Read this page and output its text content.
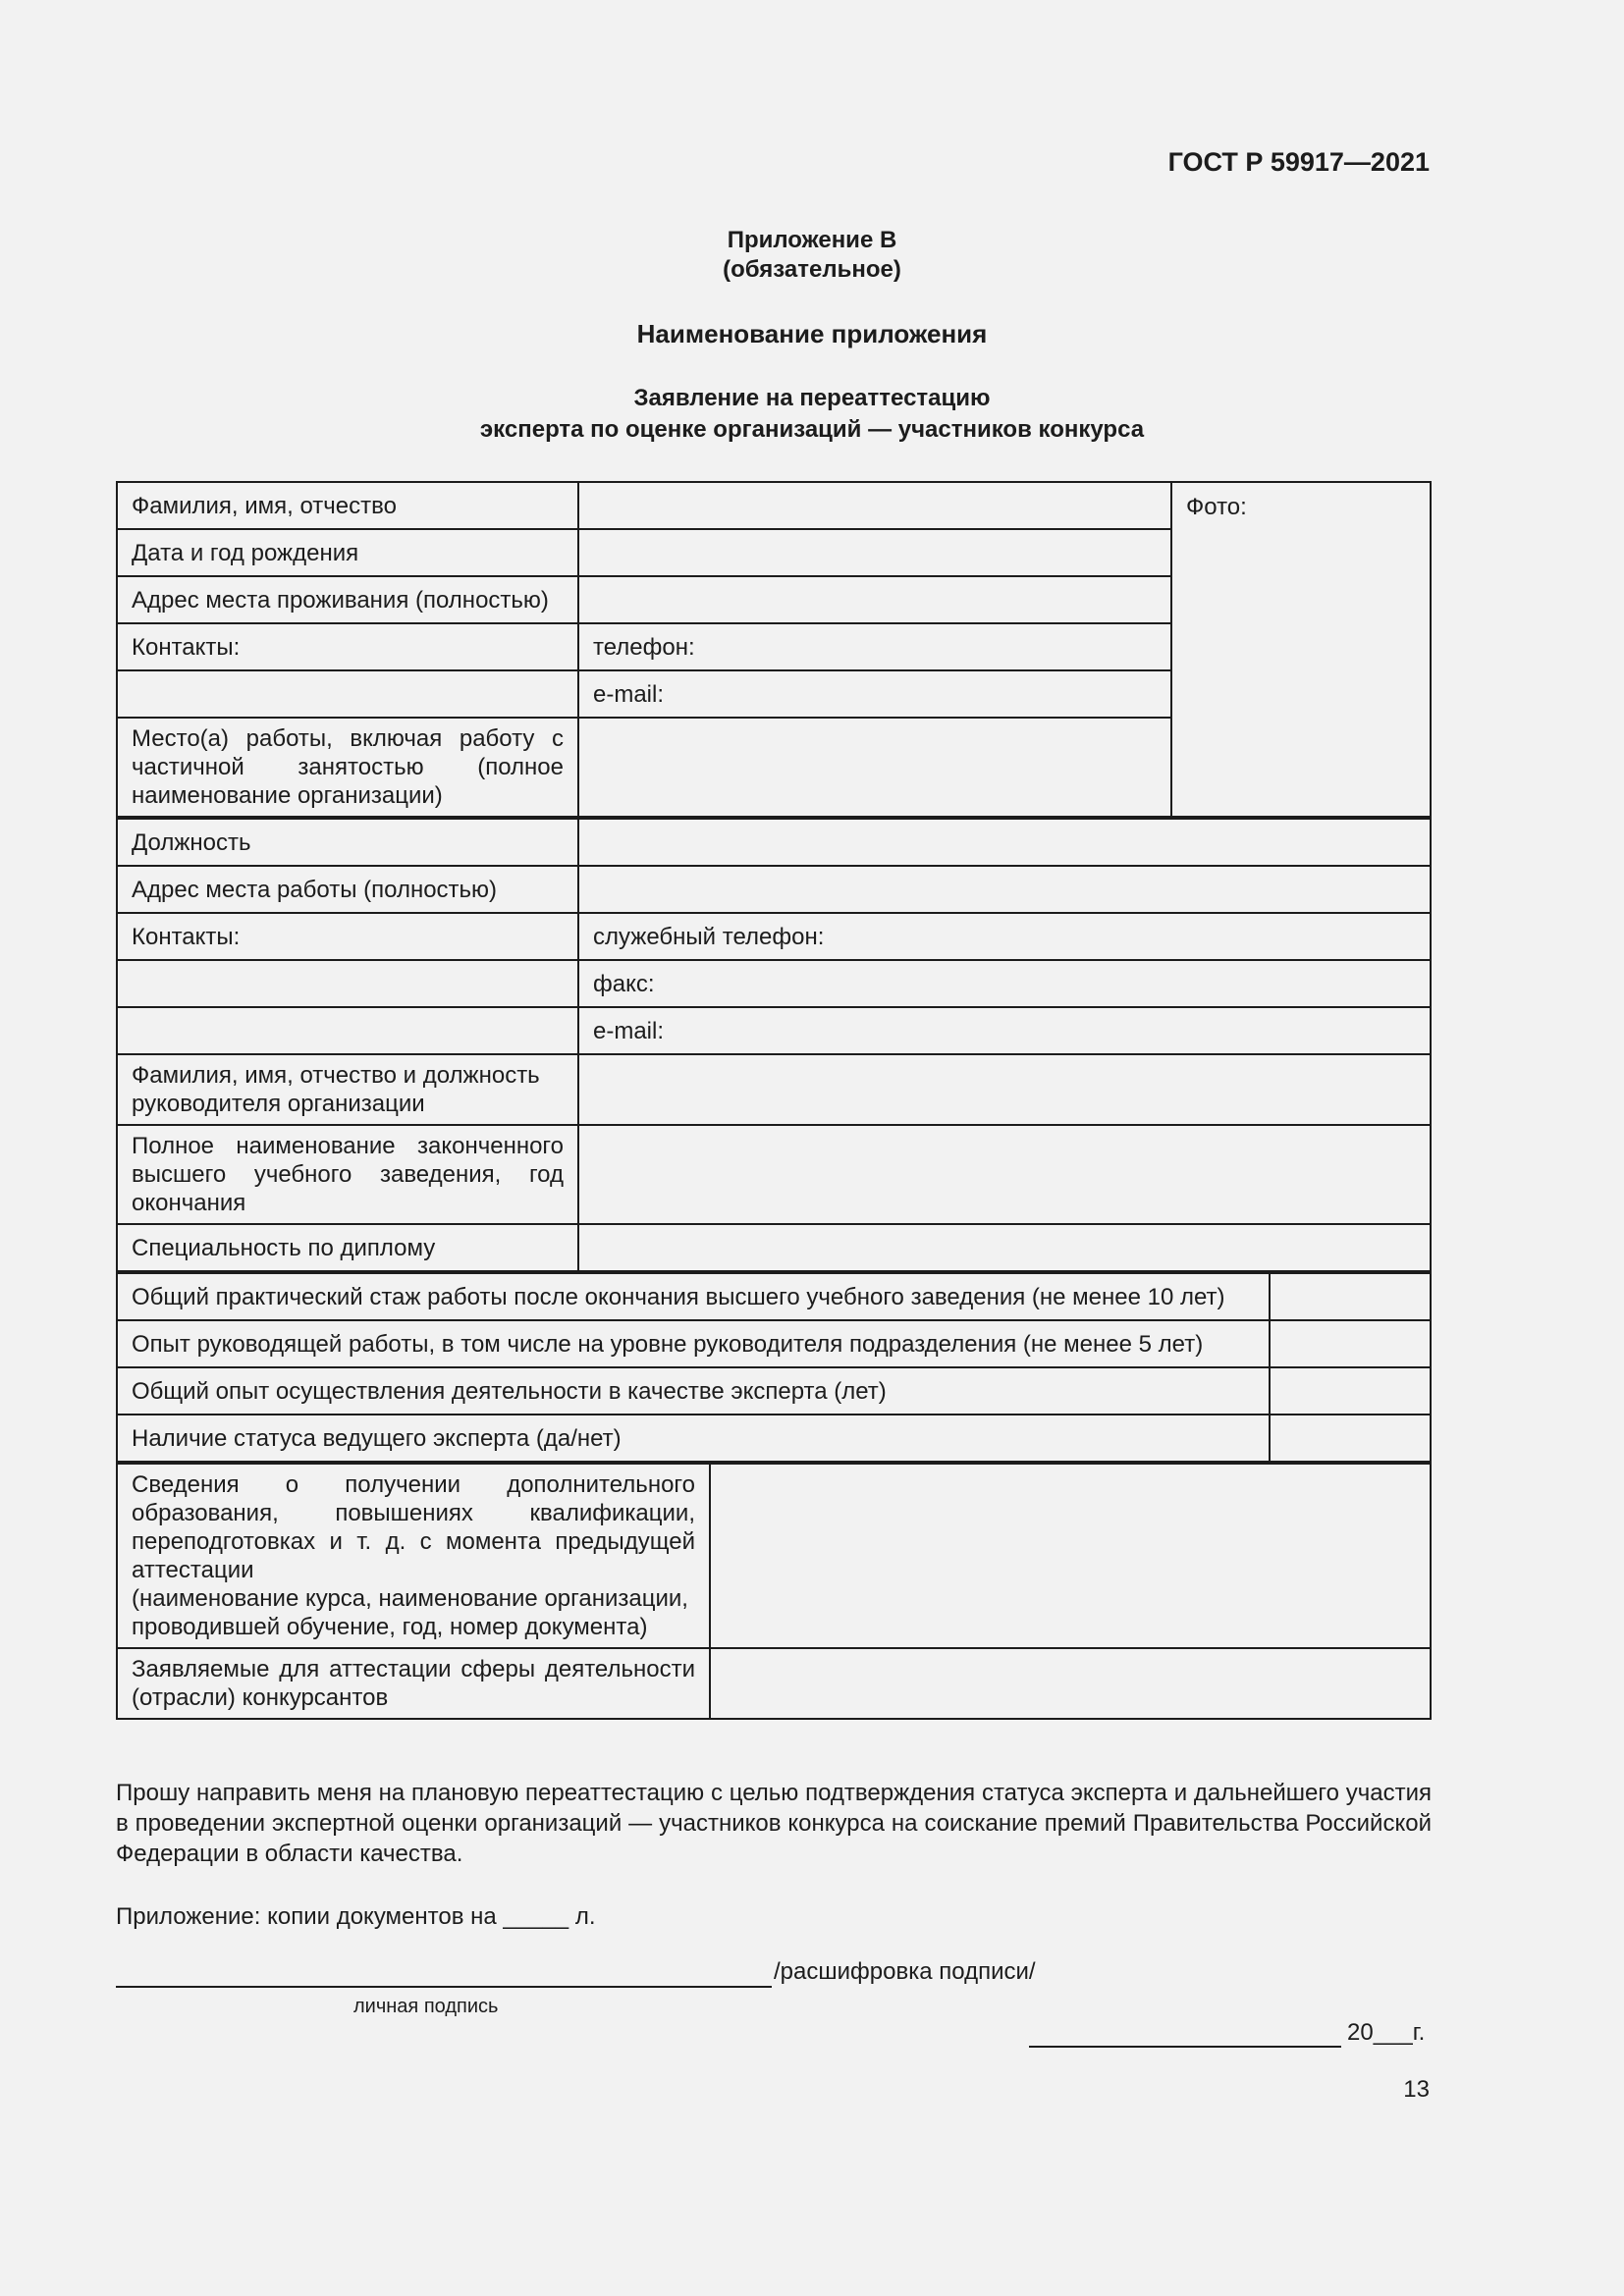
ГОСТ Р 59917—2021
Приложение В
(обязательное)
Наименование приложения
Заявление на переаттестацию
эксперта по оценке организаций — участников конкурса
Фамилия, имя, отчество		Фото:
Дата и год рождения		
Адрес места проживания (полностью)		
Контакты:	телефон:	
	e-mail:	
Место(а) работы, включая работу с частичной занятостью (полное наименование организации)		
Должность	
Адрес места работы (полностью)	
Контакты:	служебный телефон:
	факс:
	e-mail:
Фамилия, имя, отчество и должность руководителя организации	
Полное наименование законченного высшего учебного заведения, год окончания	
Специальность по диплому	
Общий практический стаж работы после окончания высшего учебного заведения (не менее 10 лет)	
Опыт руководящей работы, в том числе на уровне руководителя подразделения (не менее 5 лет)	
Общий опыт осуществления деятельности в качестве эксперта (лет)	
Наличие статуса ведущего эксперта (да/нет)	
Сведения о получении дополнительного образования, повышениях квалификации, переподготовках и т. д. с момента предыдущей аттестации
(наименование курса, наименование организации, проводившей обучение, год, номер документа)	

Заявляемые для аттестации сферы деятельности (отрасли) конкурсантов	
Прошу направить меня на плановую переаттестацию с целью подтверждения статуса эксперта и дальнейшего участия в проведении экспертной оценки организаций — участников конкурса на соискание премий Правительства Российской Федерации в области качества.
Приложение: копии документов на _____ л.
/расшифровка подписи/
личная подпись
20___г.
13
